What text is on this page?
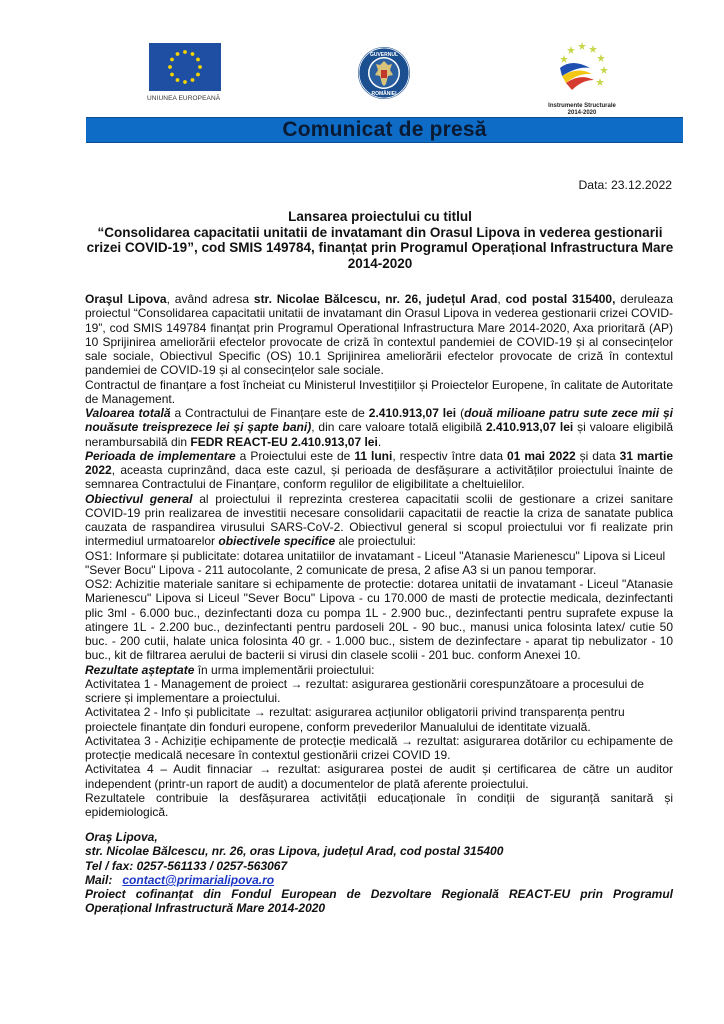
UNIUNEA EUROPEANĂ
GUVERNUL
ROMÂNIEI
Instrumente Structurale
2014-2020
Comunicat de presă
Data: 23.12.2022
Lansarea proiectului cu titlul
“Consolidarea capacitatii unitatii de invatamant din Orasul Lipova in vederea gestionarii crizei COVID-19”, cod SMIS 149784, finanțat prin Programul Operațional Infrastructura Mare 2014-2020

Oraşul Lipova, având adresa str. Nicolae Bălcescu, nr. 26, județul Arad, cod postal 315400, deruleaza proiectul “Consolidarea capacitatii unitatii de invatamant din Orasul Lipova in vederea gestionarii crizei COVID-19”, cod SMIS 149784 finanțat prin Programul Operational Infrastructura Mare 2014-2020, Axa prioritară (AP) 10 Sprijinirea ameliorării efectelor provocate de criză în contextul pandemiei de COVID-19 și al consecințelor sale sociale, Obiectivul Specific (OS) 10.1 Sprijinirea ameliorării efectelor provocate de criză în contextul pandemiei de COVID-19 și al consecințelor sale sociale.

Contractul de finanțare a fost încheiat cu Ministerul Investițiilor și Proiectelor Europene, în calitate de Autoritate de Management.

Valoarea totală a Contractului de Finanțare este de 2.410.913,07 lei (două milioane patru sute zece mii și nouăsute treisprezece lei și șapte bani), din care valoare totală eligibilă 2.410.913,07 lei și valoare eligibilă nerambursabilă din FEDR REACT-EU 2.410.913,07 lei.

Perioada de implementare a Proiectului este de 11 luni, respectiv între data 01 mai 2022 și data 31 martie 2022, aceasta cuprinzând, daca este cazul, și perioada de desfășurare a activităților proiectului înainte de semnarea Contractului de Finanțare, conform regulilor de eligibilitate a cheltuielilor.

Obiectivul general al proiectului il reprezinta cresterea capacitatii scolii de gestionare a crizei sanitare COVID-19 prin realizarea de investitii necesare consolidarii capacitatii de reactie la criza de sanatate publica cauzata de raspandirea virusului SARS-CoV-2. Obiectivul general si scopul proiectului vor fi realizate prin intermediul urmatoarelor obiectivele specifice ale proiectului:

OS1: Informare și publicitate: dotarea unitatiilor de invatamant - Liceul "Atanasie Marienescu" Lipova si Liceul "Sever Bocu" Lipova - 211 autocolante, 2 comunicate de presa, 2 afise A3 si un panou temporar.

OS2: Achizitie materiale sanitare si echipamente de protectie: dotarea unitatii de invatamant - Liceul "Atanasie Marienescu" Lipova si Liceul "Sever Bocu" Lipova - cu 170.000 de masti de protectie medicala, dezinfectanti plic 3ml - 6.000 buc., dezinfectanti doza cu pompa 1L - 2.900 buc., dezinfectanti pentru suprafete expuse la atingere 1L - 2.200 buc., dezinfectanti pentru pardoseli 20L - 90 buc., manusi unica folosinta latex/ cutie 50 buc. - 200 cutii, halate unica folosinta 40 gr. - 1.000 buc., sistem de dezinfectare - aparat tip nebulizator - 10 buc., kit de filtrarea aerului de bacterii si virusi din clasele scolii - 201 buc. conform Anexei 10.

Rezultate așteptate în urma implementării proiectului:

Activitatea 1 - Management de proiect → rezultat: asigurarea gestionării corespunzătoare a procesului de scriere și implementare a proiectului.

Activitatea 2 - Info și publicitate → rezultat: asigurarea acțiunilor obligatorii privind transparența pentru proiectele finanțate din fonduri europene, conform prevederilor Manualului de identitate vizuală.

Activitatea 3 - Achiziție echipamente de protecție medicală → rezultat: asigurarea dotărilor cu echipamente de protecție medicală necesare în contextul gestionării crizei COVID 19.

Activitatea 4 – Audit finnaciar → rezultat: asigurarea postei de audit și certificarea de către un auditor independent (printr-un raport de audit) a documentelor de plată aferente proiectului.

Rezultatele contribuie la desfășurarea activității educaționale în condiții de siguranță sanitară și epidemiologică.

Oraş Lipova,

str. Nicolae Bălcescu, nr. 26, oras Lipova, județul Arad, cod postal 315400

Tel / fax: 0257-561133 / 0257-563067

Mail: contact@primarialipova.ro

Proiect cofinanțat din Fondul European de Dezvoltare Regională REACT-EU prin Programul Operațional Infrastructură Mare 2014-2020
